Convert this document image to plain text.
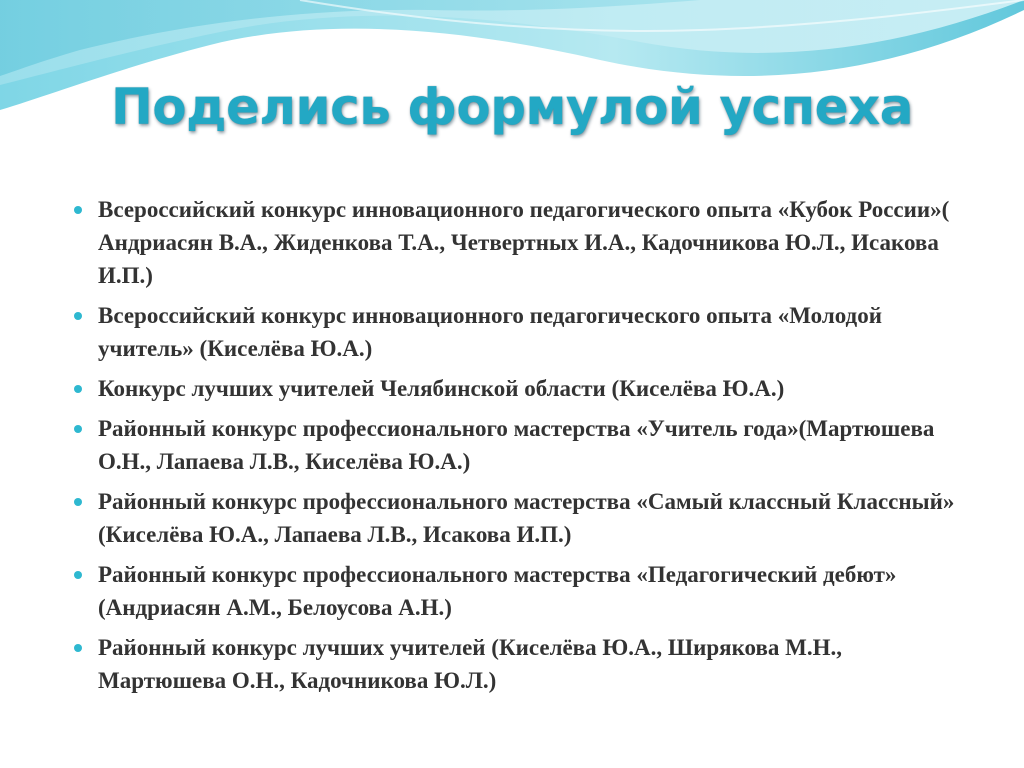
Поделись формулой успеха
Всероссийский конкурс инновационного педагогического опыта «Кубок России»( Андриасян В.А., Жиденкова Т.А., Четвертных И.А., Кадочникова Ю.Л., Исакова И.П.)
Всероссийский конкурс инновационного педагогического опыта «Молодой учитель» (Киселёва Ю.А.)
Конкурс лучших учителей Челябинской области (Киселёва Ю.А.)
Районный конкурс профессионального мастерства «Учитель года»(Мартюшева О.Н., Лапаева Л.В., Киселёва Ю.А.)
Районный конкурс профессионального мастерства «Самый классный Классный» (Киселёва Ю.А., Лапаева Л.В., Исакова И.П.)
Районный конкурс профессионального мастерства «Педагогический дебют» (Андриасян А.М., Белоусова А.Н.)
Районный конкурс лучших учителей (Киселёва Ю.А., Ширякова М.Н., Мартюшева О.Н., Кадочникова Ю.Л.)
